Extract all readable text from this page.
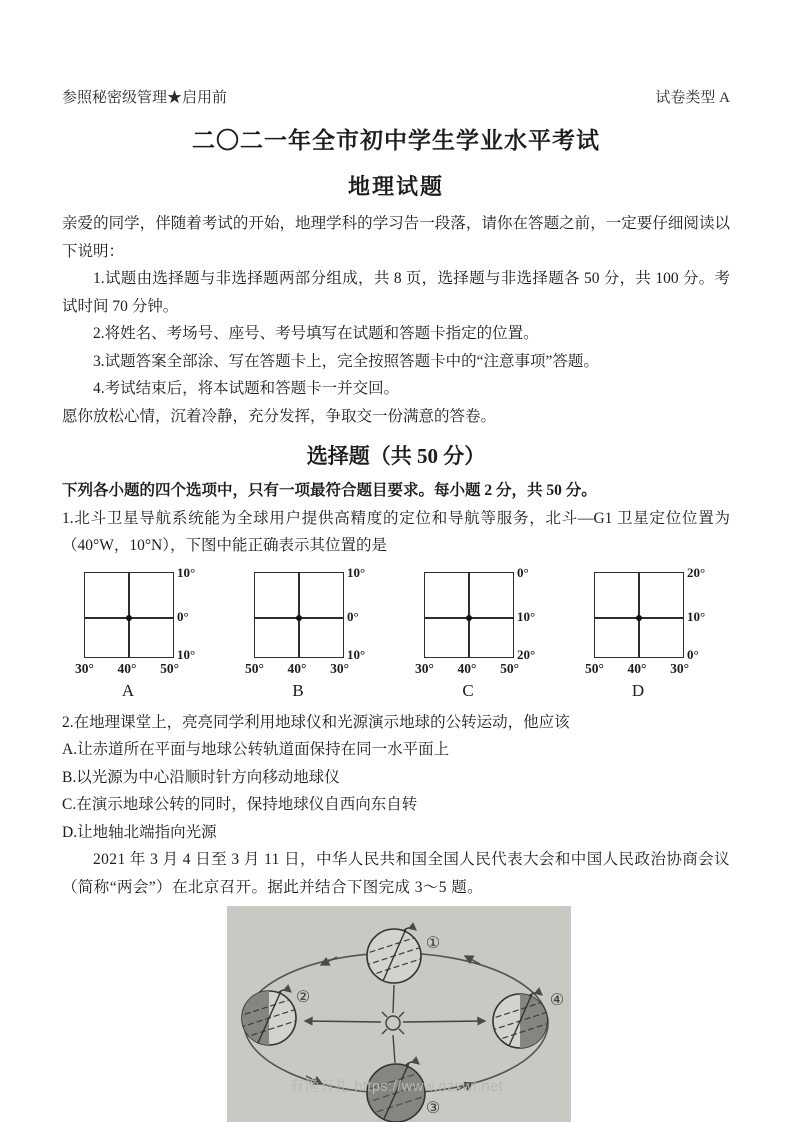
参照秘密级管理★启用前	试卷类型 A
二〇二一年全市初中学生学业水平考试
地理试题

亲爱的同学，伴随着考试的开始，地理学科的学习告一段落，请你在答题之前，一定要仔细阅读以下说明：

1.试题由选择题与非选择题两部分组成，共 8 页，选择题与非选择题各 50 分，共 100 分。考试时间 70 分钟。

2.将姓名、考场号、座号、考号填写在试题和答题卡指定的位置。

3.试题答案全部涂、写在答题卡上，完全按照答题卡中的“注意事项”答题。

4.考试结束后，将本试题和答题卡一并交回。

愿你放松心情，沉着冷静，充分发挥，争取交一份满意的答卷。

选择题（共 50 分）

下列各小题的四个选项中，只有一项最符合题目要求。每小题 2 分，共 50 分。

1.北斗卫星导航系统能为全球用户提供高精度的定位和导航等服务，北斗—G1 卫星定位位置为（40°W，10°N），下图中能正确表示其位置的是

10°
0°
10°
30° 40° 50°
A
10°
0°
10°
50° 40° 30°
B
0°
10°
20°
30° 40° 50°
C
20°
10°
0°
50° 40° 30°
D

2.在地理课堂上，亮亮同学利用地球仪和光源演示地球的公转运动，他应该

A.让赤道所在平面与地球公转轨道面保持在同一水平面上

B.以光源为中心沿顺时针方向移动地球仪

C.在演示地球公转的同时，保持地球仪自西向东自转

D.让地轴北端指向光源

2021 年 3 月 4 日至 3 月 11 日，中华人民共和国全国人民代表大会和中国人民政治协商会议（简称“两会”）在北京召开。据此并结合下图完成 3～5 题。

①
②
③
④
有渔有礼 https://www.nzxwl.net
